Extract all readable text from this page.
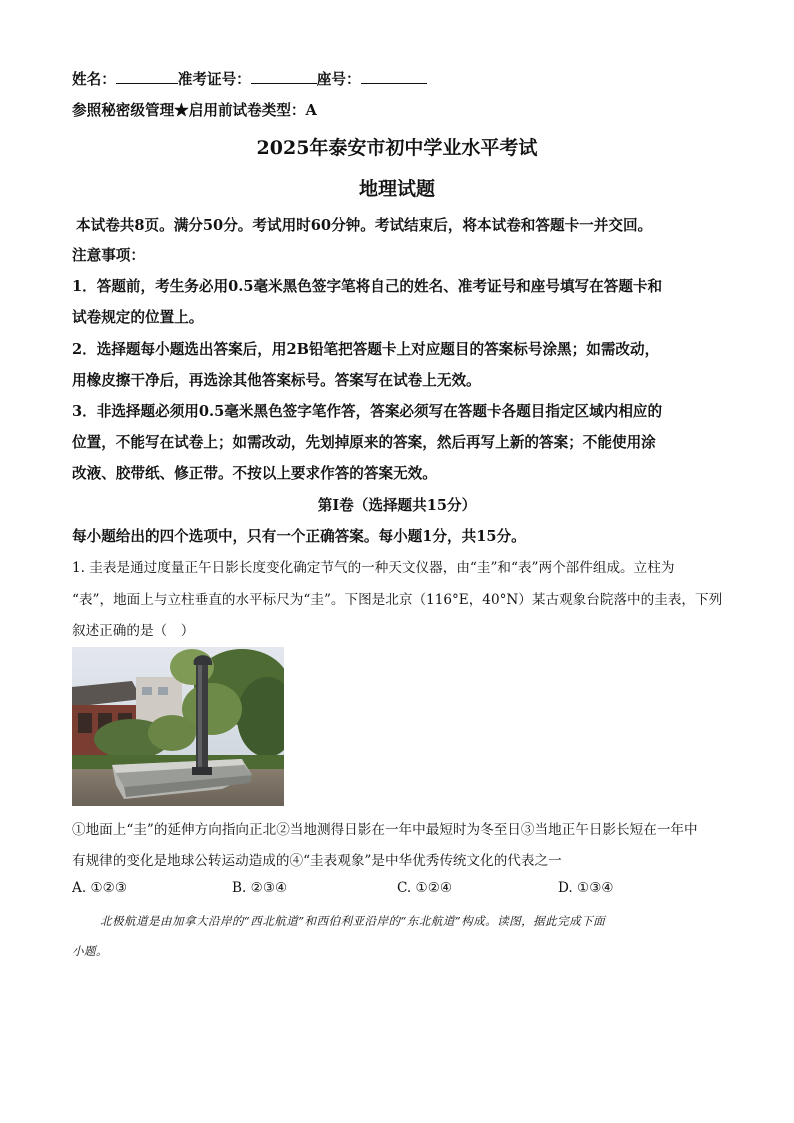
姓名：	准考证号：	座号：
参照秘密级管理★启用前试卷类型：A
2025年泰安市初中学业水平考试
地理试题
本试卷共8页。满分50分。考试用时60分钟。考试结束后，将本试卷和答题卡一并交回。
注意事项：
1．答题前，考生务必用0.5毫米黑色签字笔将自己的姓名、准考证号和座号填写在答题卡和
试卷规定的位置上。
2．选择题每小题选出答案后，用2B铅笔把答题卡上对应题目的答案标号涂黑；如需改动，
用橡皮擦干净后，再选涂其他答案标号。答案写在试卷上无效。
3．非选择题必须用0.5毫米黑色签字笔作答，答案必须写在答题卡各题目指定区域内相应的
位置，不能写在试卷上；如需改动，先划掉原来的答案，然后再写上新的答案；不能使用涂
改液、胶带纸、修正带。不按以上要求作答的答案无效。
第I卷（选择题共15分）
每小题给出的四个选项中，只有一个正确答案。每小题1分，共15分。
1. 圭表是通过度量正午日影长度变化确定节气的一种天文仪器，由“圭”和“表”两个部件组成。立柱为
“表”，地面上与立柱垂直的水平标尺为“圭”。下图是北京（116°E，40°N）某古观象台院落中的圭表，下列
叙述正确的是（　）
①地面上“圭”的延伸方向指向正北②当地测得日影在一年中最短时为冬至日③当地正午日影长短在一年中
有规律的变化是地球公转运动造成的④“圭表观象”是中华优秀传统文化的代表之一
A. ①②③	B. ②③④	C. ①②④	D. ①③④
北极航道是由加拿大沿岸的“西北航道”和西伯利亚沿岸的“东北航道”构成。读图，据此完成下面
小题。
